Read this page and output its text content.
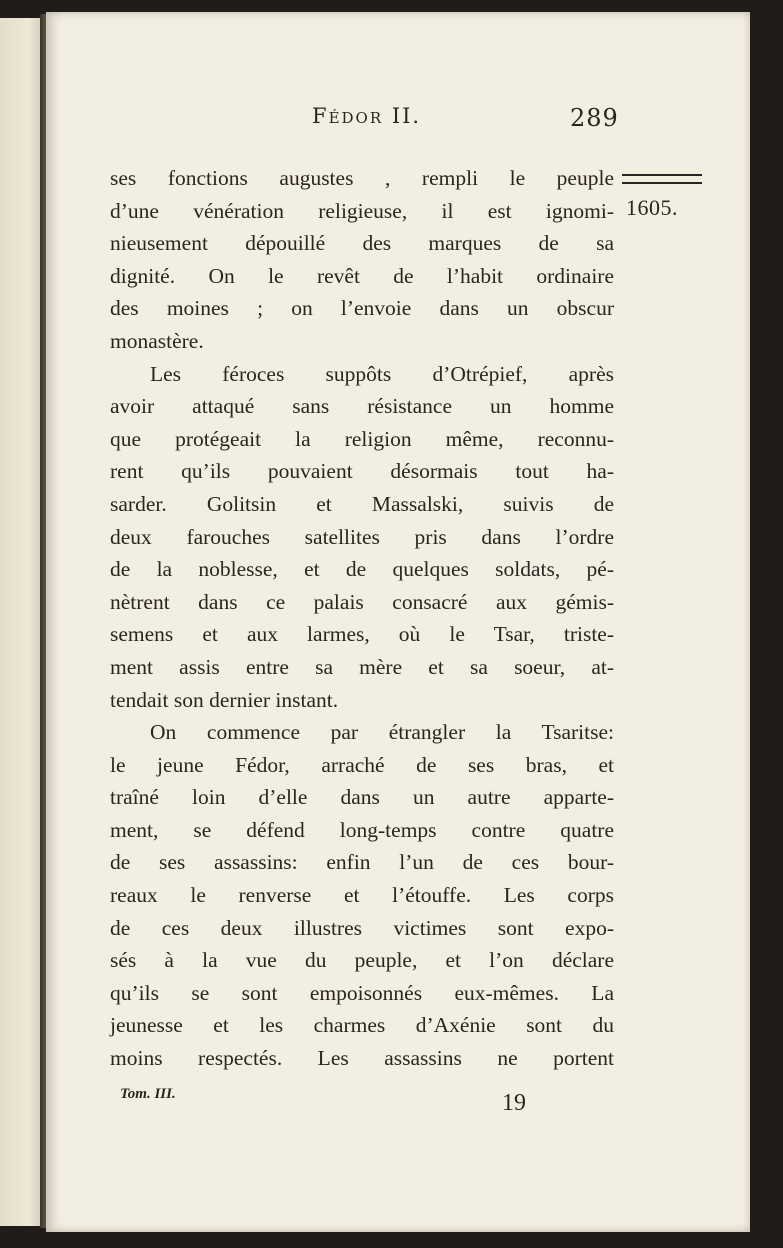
Fédor II.	289
1605.
ses fonctions augustes , rempli le peuple
d’une vénération religieuse, il est ignomi-
nieusement dépouillé des marques de sa
dignité. On le revêt de l’habit ordinaire
des moines ; on l’envoie dans un obscur
monastère.
Les féroces suppôts d’Otrépief, après
avoir attaqué sans résistance un homme
que protégeait la religion même, reconnu-
rent qu’ils pouvaient désormais tout ha-
sarder. Golitsin et Massalski, suivis de
deux farouches satellites pris dans l’ordre
de la noblesse, et de quelques soldats, pé-
nètrent dans ce palais consacré aux gémis-
semens et aux larmes, où le Tsar, triste-
ment assis entre sa mère et sa soeur, at-
tendait son dernier instant.
On commence par étrangler la Tsaritse:
le jeune Fédor, arraché de ses bras, et
traîné loin d’elle dans un autre apparte-
ment, se défend long-temps contre quatre
de ses assassins: enfin l’un de ces bour-
reaux le renverse et l’étouffe. Les corps
de ces deux illustres victimes sont expo-
sés à la vue du peuple, et l’on déclare
qu’ils se sont empoisonnés eux-mêmes. La
jeunesse et les charmes d’Axénie sont du
moins respectés. Les assassins ne portent
Tom. III.	19
